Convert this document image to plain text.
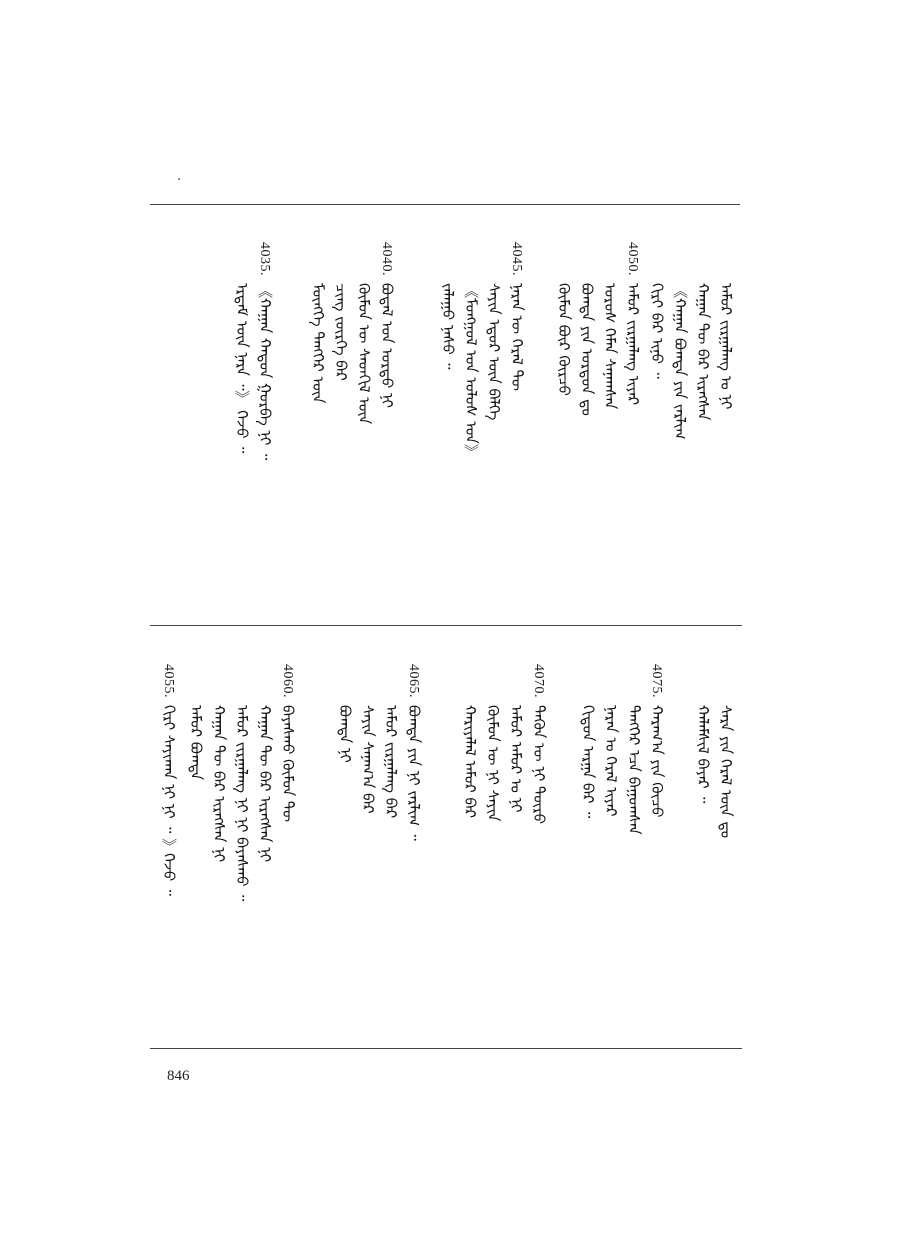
ᠠᠮᠤᠷ ᠵᠢᠷᠭᠠᠯᠠᠩ ᠤ ᠨᠢ
ᠬᠠᠭᠠᠨ ᠲᠦ ᠪᠠᠷ ᠢᠷᠡᠭᠰᠡᠨ
《ᠬᠠᠭᠠᠨ ᠪᠣᠭᠳᠠ ᠶᠢᠨ ᠵᠠᠷᠯᠢᠭ
ᠬᠢᠷᠢ ᠪᠡᠷ ᠢᠨᠦ ᠃
4050.
ᠠᠮᠤᠷ ᠵᠢᠷᠭᠠᠯᠠᠩ ᠢᠶᠠᠷ
ᠤᠷᠤᠰ ᠬᠡᠮᠡᠨ ᠰᠠᠨᠠᠭᠰᠠᠨ
ᠪᠣᠭᠳᠠ ᠶᠢᠨ ᠣᠷᠳᠤᠨ ᠳᠤ
ᠬᠦᠮᠦᠨ ᠪᠦᠷ ᠬᠦᠷᠴᠦ
4045.
ᠨᠠᠷᠠᠨ ᠦ ᠭᠡᠷᠡᠯ ᠲᠦ
ᠰᠠᠶᠢᠨ ᠡᠳᠦᠷ ᠦᠨ ᠪᠡᠯᠭᠡ
《ᠮᠣᠩᠭᠣᠯ ᠤᠨ ᠤᠯᠤᠰ ᠤᠨ》
ᠵᠠᠯᠠᠭᠤ ᠨᠠᠰᠤ ᠃
4040.
ᠪᠣᠳᠠᠯ ᠤᠨ ᠤᠷᠲᠤ ᠨᠢ
ᠬᠦᠮᠦᠨ ᠦ ᠰᠡᠳᠬᠢᠯ ᠦᠨ
ᠴᠢᠩ ᠵᠦᠷᠬᠡ ᠪᠡᠷ
ᠮᠥᠩᠬᠡ ᠲᠡᠩᠭᠡᠷ ᠦᠨ
4035.
《ᠬᠠᠭᠠᠨ ᠬᠠᠲᠤᠨ ᠭᠤᠷᠪᠠ ᠨᠢ ᠃
ᠡᠷᠳᠡᠮ ᠦᠨ ᠨᠡᠷᠡ ᠃》 ᠭᠡᠵᠦ ᠃
ᠰᠠᠷᠠ ᠶᠢᠨ ᠭᠡᠷᠡᠯ ᠦᠨ ᠳᠤ
ᠬᠠᠯᠠᠮᠰᠢᠯ ᠪᠠᠶᠠᠷ ᠃
4075.
ᠬᠠᠷᠠᠭ᠎ᠠ ᠶᠢᠨ ᠬᠦᠴᠦ
ᠲᠡᠩᠭᠡᠷ ᠡᠴᠡ ᠪᠠᠭᠤᠭᠰᠠᠨ
ᠨᠠᠷᠠᠨ ᠤ ᠭᠡᠷᠡᠯ ᠢᠶᠡᠷ
ᠬᠢᠳᠤᠨ ᠠᠷᠭᠠ ᠪᠠᠷ ᠃
4070.
ᠲᠡᠭᠦᠨ ᠦ ᠨᠢ ᠲᠥᠷᠦ
ᠠᠮᠤᠷ ᠠᠮᠤᠷ ᠤ ᠨᠢ
ᠬᠦᠮᠦᠨ ᠦ ᠨᠢ ᠰᠠᠶᠢᠨ
ᠬᠠᠷᠢᠶᠠᠯᠠᠯ ᠠᠮᠤᠷ ᠪᠠᠷ
4065.
ᠪᠣᠭᠳᠠ ᠶᠢᠨ ᠨᠢ ᠵᠠᠷᠯᠢᠭ ᠃
ᠠᠮᠤᠷ ᠵᠢᠷᠭᠠᠯᠠᠩ ᠪᠠᠷ
ᠰᠠᠶᠢᠨ ᠰᠠᠨᠠᠭ᠎ᠠ ᠪᠠᠷ
ᠪᠣᠭᠳᠠ ᠨᠢ
4060.
ᠪᠠᠶᠠᠰᠬᠤ ᠬᠦᠮᠦᠨ ᠲᠦ
ᠬᠠᠭᠠᠨ ᠲᠦ ᠪᠠᠷ ᠢᠷᠡᠭᠰᠡᠨ ᠨᠢ
ᠠᠮᠤᠷ ᠵᠢᠷᠭᠠᠯᠠᠩ ᠨᠢ ᠨᠢ ᠪᠠᠶᠠᠰᠬᠤ ᠃
ᠬᠠᠭᠠᠨ ᠲᠦ ᠪᠠᠷ ᠢᠷᠡᠭᠰᠡᠨ ᠨᠢ
ᠠᠮᠤᠷ ᠪᠣᠭᠳᠠ
4055.
ᠬᠢᠷᠢ ᠰᠠᠶᠢᠬᠠᠨ ᠨᠢ ᠨᠢ ᠃ 》ᠭᠡᠵᠦ ᠃
846
